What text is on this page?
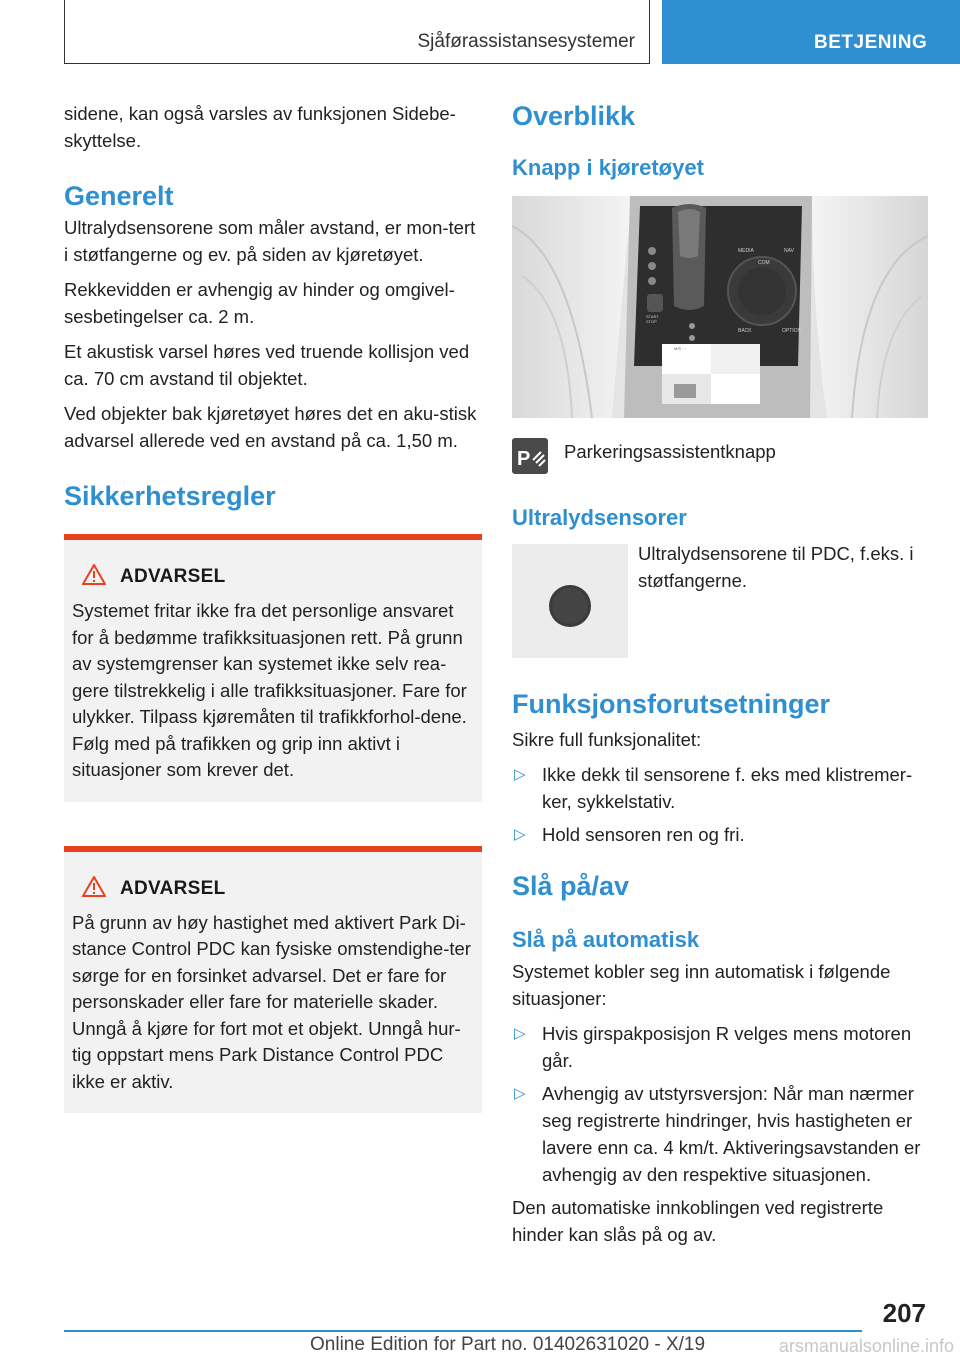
Sjåførassistansesystemer	BETJENING

sidene, kan også varsles av funksjonen Sidebe-skyttelse.

Generelt

Ultralydsensorene som måler avstand, er mon-tert i støtfangerne og ev. på siden av kjøretøyet.

Rekkevidden er avhengig av hinder og omgivel-sesbetingelser ca. 2 m.

Et akustisk varsel høres ved truende kollisjon ved ca. 70 cm avstand til objektet.

Ved objekter bak kjøretøyet høres det en aku-stisk advarsel allerede ved en avstand på ca. 1,50 m.

Sikkerhetsregler
ADVARSEL

Systemet fritar ikke fra det personlige ansvaret for å bedømme trafikksituasjonen rett. På grunn av systemgrenser kan systemet ikke selv rea-gere tilstrekkelig i alle trafikksituasjoner. Fare for ulykker. Tilpass kjøremåten til trafikkforhol-dene. Følg med på trafikken og grip inn aktivt i situasjoner som krever det.

ADVARSEL

På grunn av høy hastighet med aktivert Park Di-stance Control PDC kan fysiske omstendighe-ter sørge for en forsinket advarsel. Det er fare for personskader eller fare for materielle skader. Unngå å kjøre for fort mot et objekt. Unngå hur-tig oppstart mens Park Distance Control PDC ikke er aktiv.

Overblikk
Knapp i kjøretøyet
MEDIA
COM
NAV
BACK	OPTION
START STOP
M/S ◦ ◦
P Parkeringsassistentknapp
Ultralydsensorer

Ultralydsensorene til PDC, f.eks. i støtfangerne.

Funksjonsforutsetninger

Sikre full funksjonalitet:

▷ Ikke dekk til sensorene f. eks med klistremer-ker, sykkelstativ.
▷ Hold sensoren ren og fri.
Slå på/av
Slå på automatisk

Systemet kobler seg inn automatisk i følgende situasjoner:

▷ Hvis girspakposisjon R velges mens motoren går.
▷ Avhengig av utstyrsversjon: Når man nærmer seg registrerte hindringer, hvis hastigheten er lavere enn ca. 4 km/t. Aktiveringsavstanden er avhengig av den respektive situasjonen.

Den automatiske innkoblingen ved registrerte hinder kan slås på og av.

207
Online Edition for Part no. 01402631020 - X/19	arsmanualsonline.info
